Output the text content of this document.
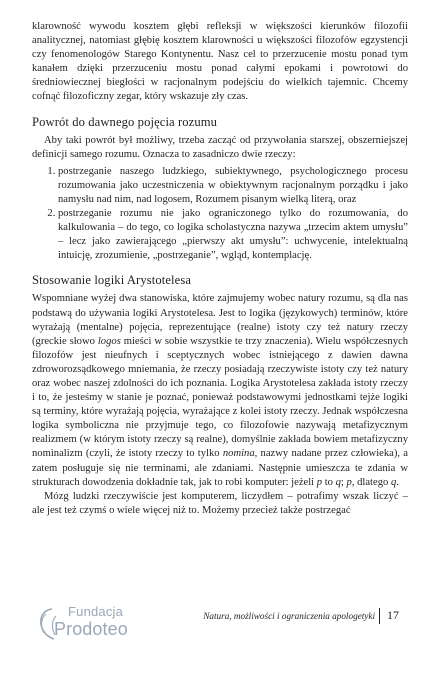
klarowność wywodu kosztem głębi refleksji w większości kierunków filozofii analitycznej, natomiast głębię kosztem klarowności u większości filozofów egzystencji czy fenomenologów Starego Kontynentu. Nasz cel to przerzucenie mostu ponad tym kanałem dzięki przerzuceniu mostu ponad całymi epokami i powrotowi do średniowiecznej biegłości w racjonalnym podejściu do wielkich tajemnic. Chcemy cofnąć filozoficzny zegar, który wskazuje zły czas.

Powrót do dawnego pojęcia rozumu

Aby taki powrót był możliwy, trzeba zacząć od przywołania starszej, obszerniejszej definicji samego rozumu. Oznacza to zasadniczo dwie rzeczy:

1. postrzeganie naszego ludzkiego, subiektywnego, psychologicznego procesu rozumowania jako uczestniczenia w obiektywnym racjonalnym porządku i jako namysłu nad nim, nad logosem, Rozumem pisanym wielką literą, oraz
2. postrzeganie rozumu nie jako ograniczonego tylko do rozumowania, do kalkulowania – do tego, co logika scholastyczna nazywa „trzecim aktem umysłu” – lecz jako zawierającego „pierwszy akt umysłu”: uchwycenie, intelektualną intuicję, zrozumienie, „postrzeganie”, wgląd, kontemplację.
Stosowanie logiki Arystotelesa

Wspomniane wyżej dwa stanowiska, które zajmujemy wobec natury rozumu, są dla nas podstawą do używania logiki Arystotelesa. Jest to logika (językowych) terminów, które wyrażają (mentalne) pojęcia, reprezentujące (realne) istoty czy też natury rzeczy (greckie słowo logos mieści w sobie wszystkie te trzy znaczenia). Wielu współczesnych filozofów jest nieufnych i sceptycznych wobec istniejącego z dawien dawna zdroworozsądkowego mniemania, że rzeczy posiadają rzeczywiste istoty czy też natury oraz wobec naszej zdolności do ich poznania. Logika Arystotelesa zakłada istoty rzeczy i to, że jesteśmy w stanie je poznać, ponieważ podstawowymi jednostkami tejże logiki są terminy, które wyrażają pojęcia, wyrażające z kolei istoty rzeczy. Jednak współczesna logika symboliczna nie przyjmuje tego, co filozofowie nazywają metafizycznym realizmem (w którym istoty rzeczy są realne), domyślnie zakłada bowiem metafizyczny nominalizm (czyli, że istoty rzeczy to tylko nomina, nazwy nadane przez człowieka), a zatem posługuje się nie terminami, ale zdaniami. Następnie umieszcza te zdania w strukturach dowodzenia dokładnie tak, jak to robi komputer: jeżeli p to q; p, dlatego q.

Mózg ludzki rzeczywiście jest komputerem, liczydłem – potrafimy wszak liczyć – ale jest też czymś o wiele więcej niż to. Możemy przecież także postrzegać

Fundacja
Prodoteo
Natura, możliwości i ograniczenia apologetyki 17
